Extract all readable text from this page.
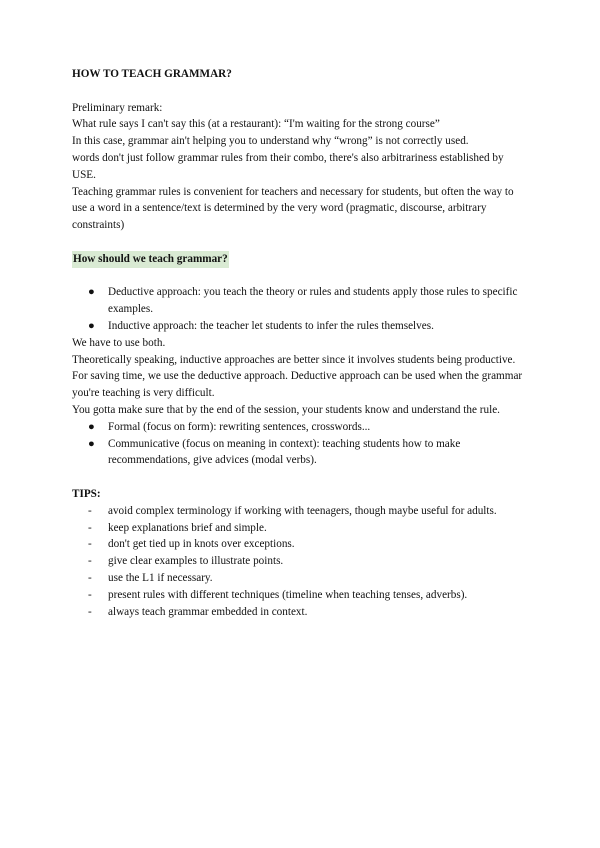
HOW TO TEACH GRAMMAR?

Preliminary remark:

What rule says I can't say this (at a restaurant): “I'm waiting for the strong course”

In this case, grammar ain't helping you to understand why “wrong” is not correctly used.

words don't just follow grammar rules from their combo, there's also arbitrariness established by USE.

Teaching grammar rules is convenient for teachers and necessary for students, but often the way to use a word in a sentence/text is determined by the very word (pragmatic, discourse, arbitrary constraints)

How should we teach grammar?

●	Deductive approach: you teach the theory or rules and students apply those rules to specific examples.
●	Inductive approach: the teacher let students to infer the rules themselves.

We have to use both.

Theoretically speaking, inductive approaches are better since it involves students being productive. For saving time, we use the deductive approach. Deductive approach can be used when the grammar you're teaching is very difficult.

You gotta make sure that by the end of the session, your students know and understand the rule.

●	Formal (focus on form): rewriting sentences, crosswords...
●	Communicative (focus on meaning in context): teaching students how to make recommendations, give advices (modal verbs).

TIPS:

-	avoid complex terminology if working with teenagers, though maybe useful for adults.
-	keep explanations brief and simple.
-	don't get tied up in knots over exceptions.
-	give clear examples to illustrate points.
-	use the L1 if necessary.
-	present rules with different techniques (timeline when teaching tenses, adverbs).
-	always teach grammar embedded in context.
